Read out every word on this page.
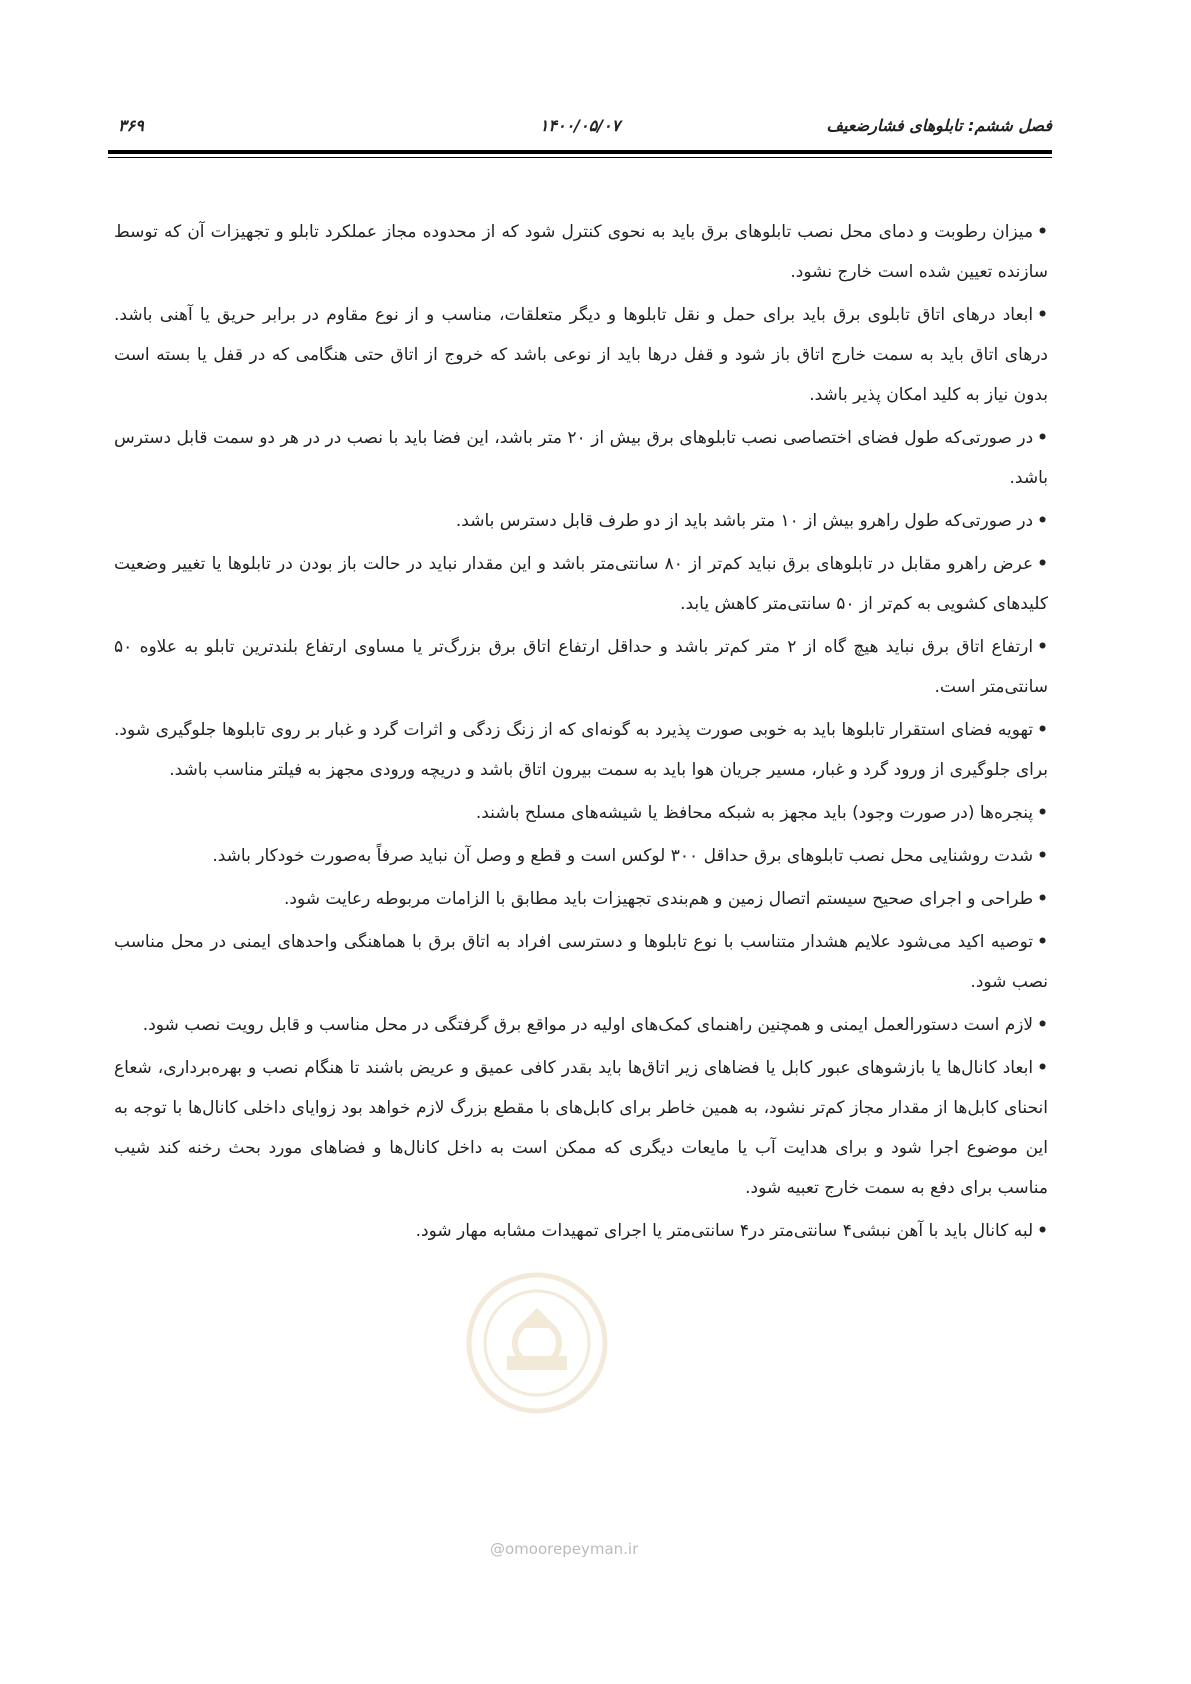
فصل ششم: تابلوهای فشارضعیف
۱۴۰۰/۰۵/۰۷
۳۶۹

•میزان رطوبت و دمای محل نصب تابلوهای برق باید به نحوی کنترل شود که از محدوده مجاز عملکرد تابلو و تجهیزات آن که توسط سازنده تعیین شده است خارج نشود.

•ابعاد درهای اتاق تابلوی برق باید برای حمل و نقل تابلوها و دیگر متعلقات، مناسب و از نوع مقاوم در برابر حریق یا آهنی باشد. درهای اتاق باید به سمت خارج اتاق باز شود و قفل درها باید از نوعی باشد که خروج از اتاق حتی هنگامی که در قفل یا بسته است بدون نیاز به کلید امکان پذیر باشد.

•در صورتی‌که طول فضای اختصاصی نصب تابلوهای برق بیش از ۲۰ متر باشد، این فضا باید با نصب در در هر دو سمت قابل دسترس باشد.

•در صورتی‌که طول راهرو بیش از ۱۰ متر باشد باید از دو طرف قابل دسترس باشد.

•عرض راهرو مقابل در تابلوهای برق نباید کم‌تر از ۸۰ سانتی‌متر باشد و این مقدار نباید در حالت باز بودن در تابلوها یا تغییر وضعیت کلیدهای کشویی به کم‌تر از ۵۰ سانتی‌متر کاهش یابد.

•ارتفاع اتاق برق نباید هیچ گاه از ۲ متر کم‌تر باشد و حداقل ارتفاع اتاق برق بزرگ‌تر یا مساوی ارتفاع بلندترین تابلو به علاوه ۵۰ سانتی‌متر است.

•تهویه فضای استقرار تابلوها باید به خوبی صورت پذیرد به گونه‌ای که از زنگ زدگی و اثرات گرد و غبار بر روی تابلوها جلوگیری شود. برای جلوگیری از ورود گرد و غبار، مسیر جریان هوا باید به سمت بیرون اتاق باشد و دریچه ورودی مجهز به فیلتر مناسب باشد.

•پنجره‌ها (در صورت وجود) باید مجهز به شبکه محافظ یا شیشه‌های مسلح باشند.

•شدت روشنایی محل نصب تابلوهای برق حداقل ۳۰۰ لوکس است و قطع و وصل آن نباید صرفاً به‌صورت خودکار باشد.

•طراحی و اجرای صحیح سیستم اتصال زمین و هم‌بندی تجهیزات باید مطابق با الزامات مربوطه رعایت شود.

•توصیه اکید می‌شود علایم هشدار متناسب با نوع تابلوها و دسترسی افراد به اتاق برق با هماهنگی واحدهای ایمنی در محل مناسب نصب شود.

•لازم است دستورالعمل ایمنی و همچنین راهنمای کمک‌های اولیه در مواقع برق گرفتگی در محل مناسب و قابل رویت نصب شود.

•ابعاد کانال‌ها یا بازشوهای عبور کابل یا فضاهای زیر اتاق‌ها باید بقدر کافی عمیق و عریض باشند تا هنگام نصب و بهره‌برداری، شعاع انحنای کابل‌ها از مقدار مجاز کم‌تر نشود، به همین خاطر برای کابل‌های با مقطع بزرگ لازم خواهد بود زوایای داخلی کانال‌ها با توجه به این موضوع اجرا شود و برای هدایت آب یا مایعات دیگری که ممکن است به داخل کانال‌ها و فضاهای مورد بحث رخنه کند شیب مناسب برای دفع به سمت خارج تعبیه شود.

•لبه کانال باید با آهن نبشی۴ سانتی‌متر در۴ سانتی‌متر یا اجرای تمهیدات مشابه مهار شود.

@omoorepeyman.ir
